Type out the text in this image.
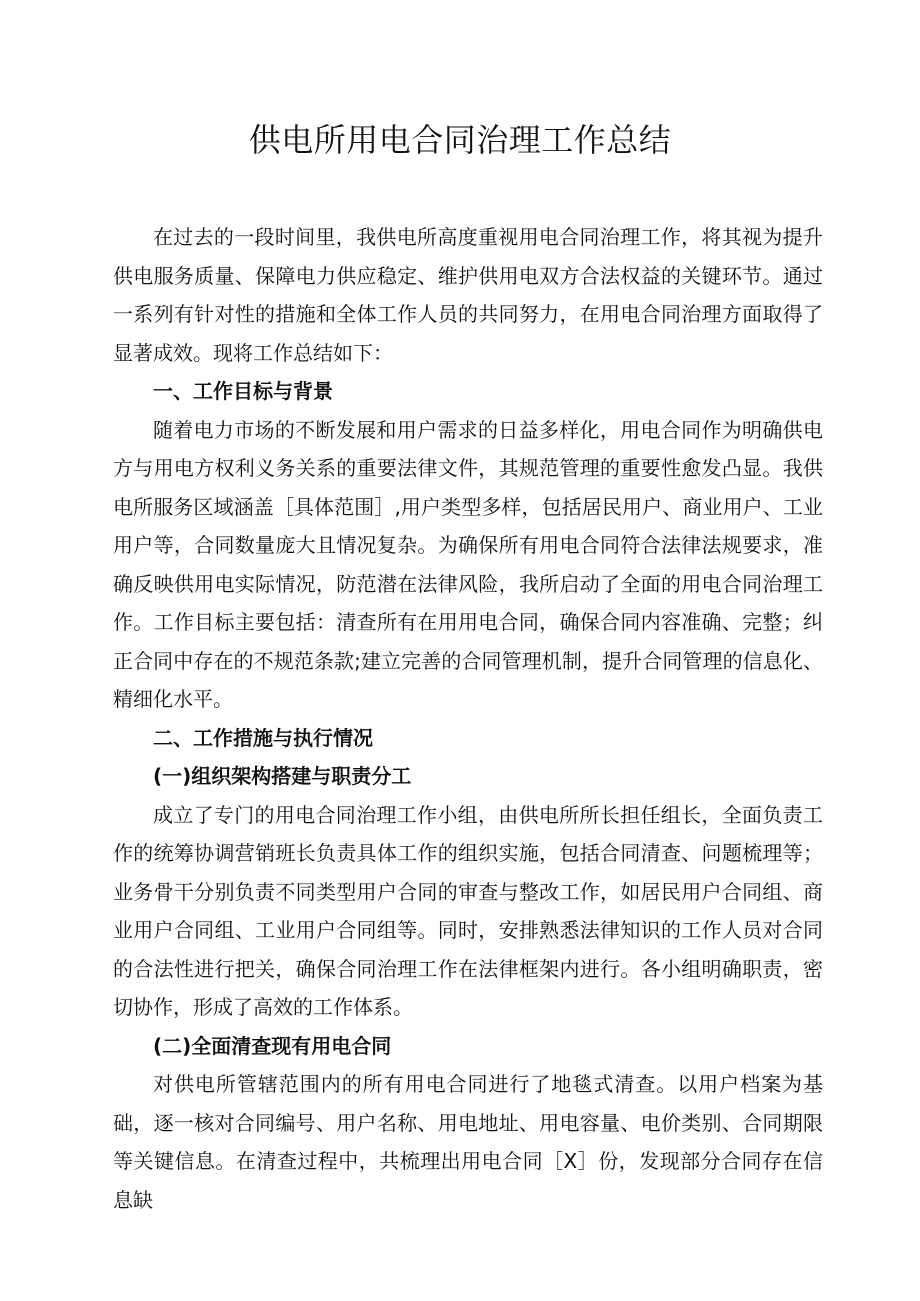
供电所用电合同治理工作总结

在过去的一段时间里，我供电所高度重视用电合同治理工作，将其视为提升供电服务质量、保障电力供应稳定、维护供用电双方合法权益的关键环节。通过一系列有针对性的措施和全体工作人员的共同努力，在用电合同治理方面取得了显著成效。现将工作总结如下：

一、工作目标与背景

随着电力市场的不断发展和用户需求的日益多样化，用电合同作为明确供电方与用电方权利义务关系的重要法律文件，其规范管理的重要性愈发凸显。我供电所服务区域涵盖［具体范围］,用户类型多样，包括居民用户、商业用户、工业用户等，合同数量庞大且情况复杂。为确保所有用电合同符合法律法规要求，准确反映供用电实际情况，防范潜在法律风险，我所启动了全面的用电合同治理工作。工作目标主要包括：清查所有在用用电合同，确保合同内容准确、完整；纠正合同中存在的不规范条款;建立完善的合同管理机制，提升合同管理的信息化、精细化水平。

二、工作措施与执行情况
(一)组织架构搭建与职责分工

成立了专门的用电合同治理工作小组，由供电所所长担任组长，全面负责工作的统筹协调营销班长负责具体工作的组织实施，包括合同清查、问题梳理等；业务骨干分别负责不同类型用户合同的审查与整改工作，如居民用户合同组、商业用户合同组、工业用户合同组等。同时，安排熟悉法律知识的工作人员对合同的合法性进行把关，确保合同治理工作在法律框架内进行。各小组明确职责，密切协作，形成了高效的工作体系。

(二)全面清查现有用电合同

对供电所管辖范围内的所有用电合同进行了地毯式清查。以用户档案为基础，逐一核对合同编号、用户名称、用电地址、用电容量、电价类别、合同期限等关键信息。在清查过程中，共梳理出用电合同［X］份，发现部分合同存在信息缺
